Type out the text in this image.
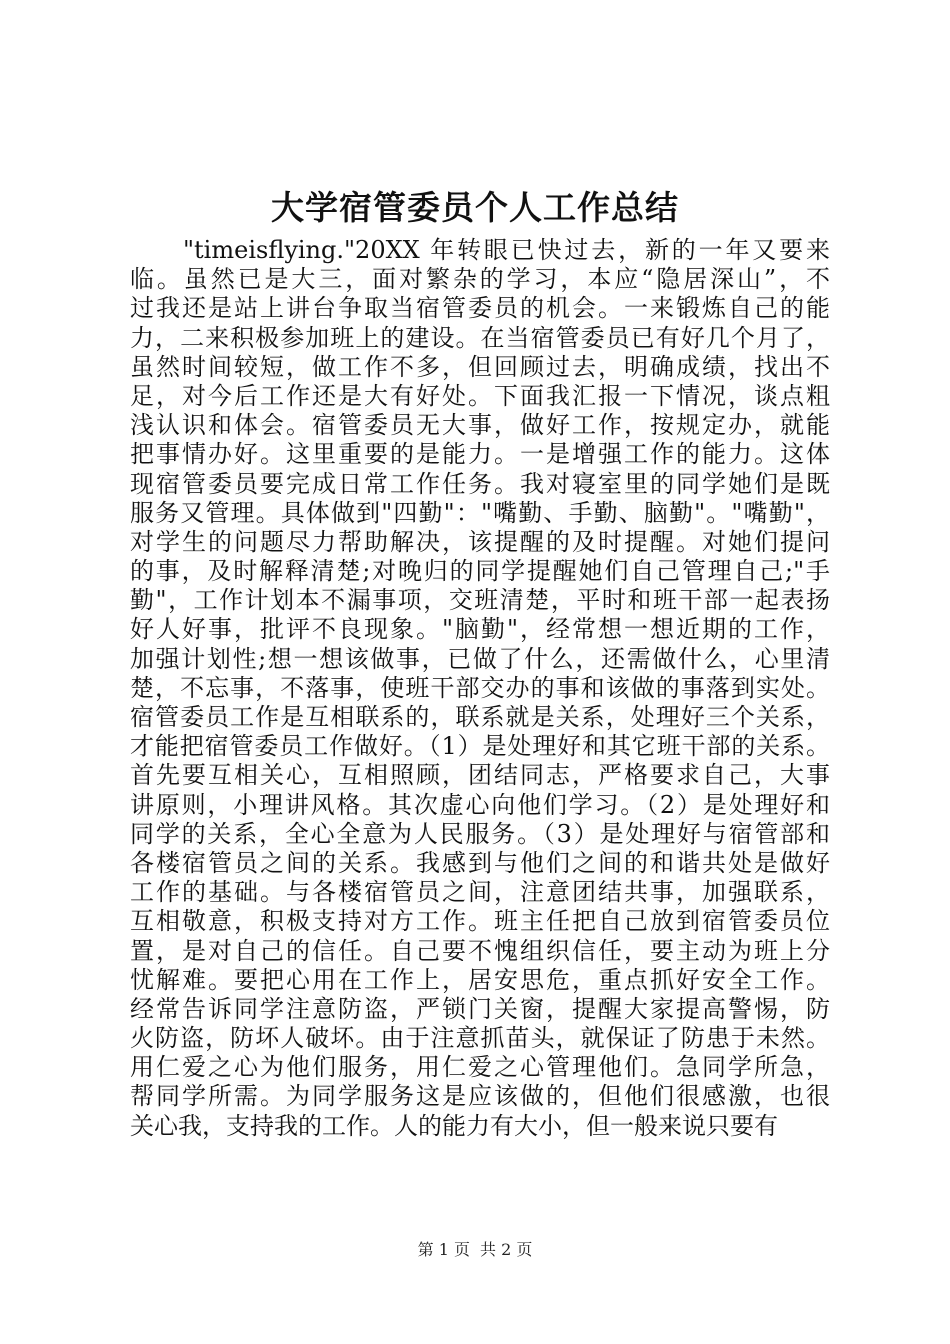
大学宿管委员个人工作总结
"timeisflying."20XX 年转眼已快过去，新的一年又要来
临。虽然已是大三，面对繁杂的学习，本应“隐居深山”，不
过我还是站上讲台争取当宿管委员的机会。一来锻炼自己的能
力，二来积极参加班上的建设。在当宿管委员已有好几个月了，
虽然时间较短，做工作不多，但回顾过去，明确成绩，找出不
足，对今后工作还是大有好处。下面我汇报一下情况，谈点粗
浅认识和体会。宿管委员无大事，做好工作，按规定办，就能
把事情办好。这里重要的是能力。一是增强工作的能力。这体
现宿管委员要完成日常工作任务。我对寝室里的同学她们是既
服务又管理。具体做到"四勤"："嘴勤、手勤、脑勤"。"嘴勤"，
对学生的问题尽力帮助解决，该提醒的及时提醒。对她们提问
的事，及时解释清楚;对晚归的同学提醒她们自己管理自己;"手
勤"，工作计划本不漏事项，交班清楚，平时和班干部一起表扬
好人好事，批评不良现象。"脑勤"，经常想一想近期的工作，
加强计划性;想一想该做事，已做了什么，还需做什么，心里清
楚，不忘事，不落事，使班干部交办的事和该做的事落到实处。
宿管委员工作是互相联系的，联系就是关系，处理好三个关系，
才能把宿管委员工作做好。（1）是处理好和其它班干部的关系。
首先要互相关心，互相照顾，团结同志，严格要求自己，大事
讲原则，小理讲风格。其次虚心向他们学习。（2）是处理好和
同学的关系，全心全意为人民服务。（3）是处理好与宿管部和
各楼宿管员之间的关系。我感到与他们之间的和谐共处是做好
工作的基础。与各楼宿管员之间，注意团结共事，加强联系，
互相敬意，积极支持对方工作。班主任把自己放到宿管委员位
置，是对自己的信任。自己要不愧组织信任，要主动为班上分
忧解难。要把心用在工作上，居安思危，重点抓好安全工作。
经常告诉同学注意防盗，严锁门关窗，提醒大家提高警惕，防
火防盗，防坏人破坏。由于注意抓苗头，就保证了防患于未然。
用仁爱之心为他们服务，用仁爱之心管理他们。急同学所急，
帮同学所需。为同学服务这是应该做的，但他们很感激，也很
关心我，支持我的工作。人的能力有大小，但一般来说只要有
第 1 页 共 2 页
